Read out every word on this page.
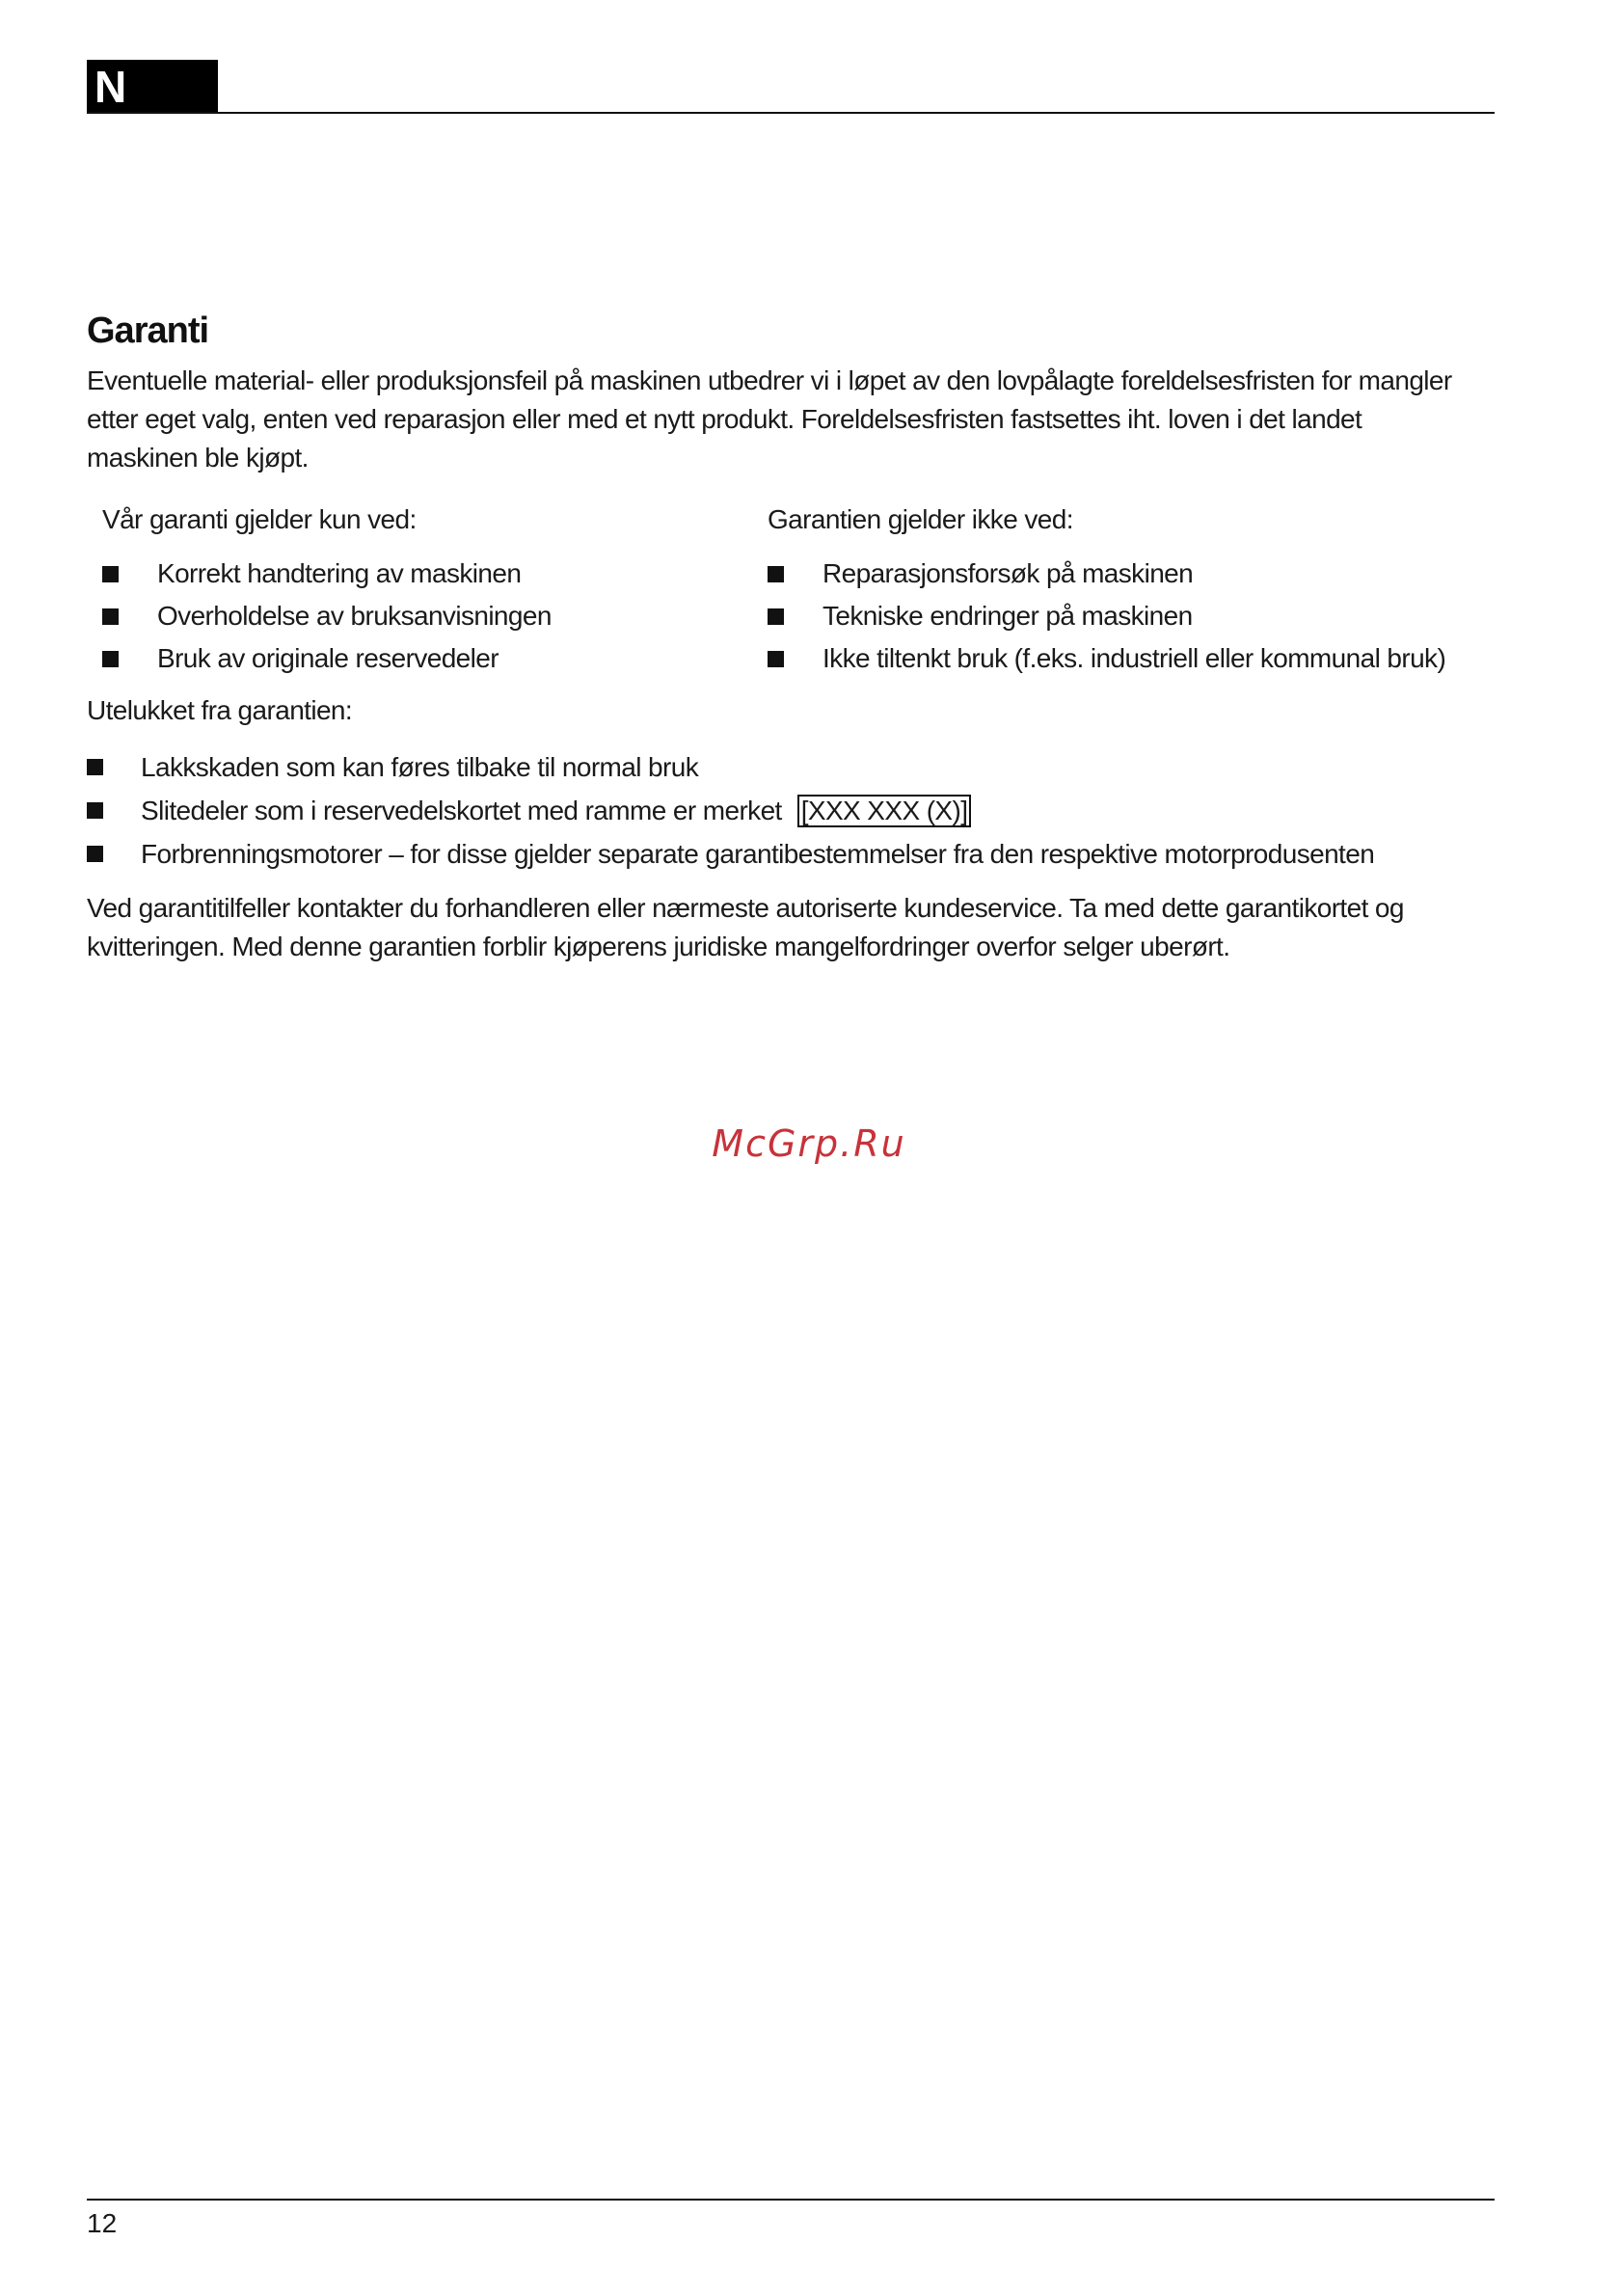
N
Garanti

Eventuelle material- eller produksjonsfeil på maskinen utbedrer vi i løpet av den lovpålagte foreldelsesfristen for mangler etter eget valg, enten ved reparasjon eller med et nytt produkt. Foreldelsesfristen fastsettes iht. loven i det landet maskinen ble kjøpt.

Vår garanti gjelder kun ved:
Korrekt handtering av maskinen
Overholdelse av bruksanvisningen
Bruk av originale reservedeler
Garantien gjelder ikke ved:
Reparasjonsforsøk på maskinen
Tekniske endringer på maskinen
Ikke tiltenkt bruk (f.eks. industriell eller kommunal bruk)
Utelukket fra garantien:
Lakkskaden som kan føres tilbake til normal bruk
Slitedeler som i reservedelskortet med ramme er merket [XXX XXX (X)]
Forbrenningsmotorer – for disse gjelder separate garantibestemmelser fra den respektive motorprodusenten

Ved garantitilfeller kontakter du forhandleren eller nærmeste autoriserte kundeservice. Ta med dette garantikortet og kvitteringen. Med denne garantien forblir kjøperens juridiske mangelfordringer overfor selger uberørt.

McGrp.Ru
12
